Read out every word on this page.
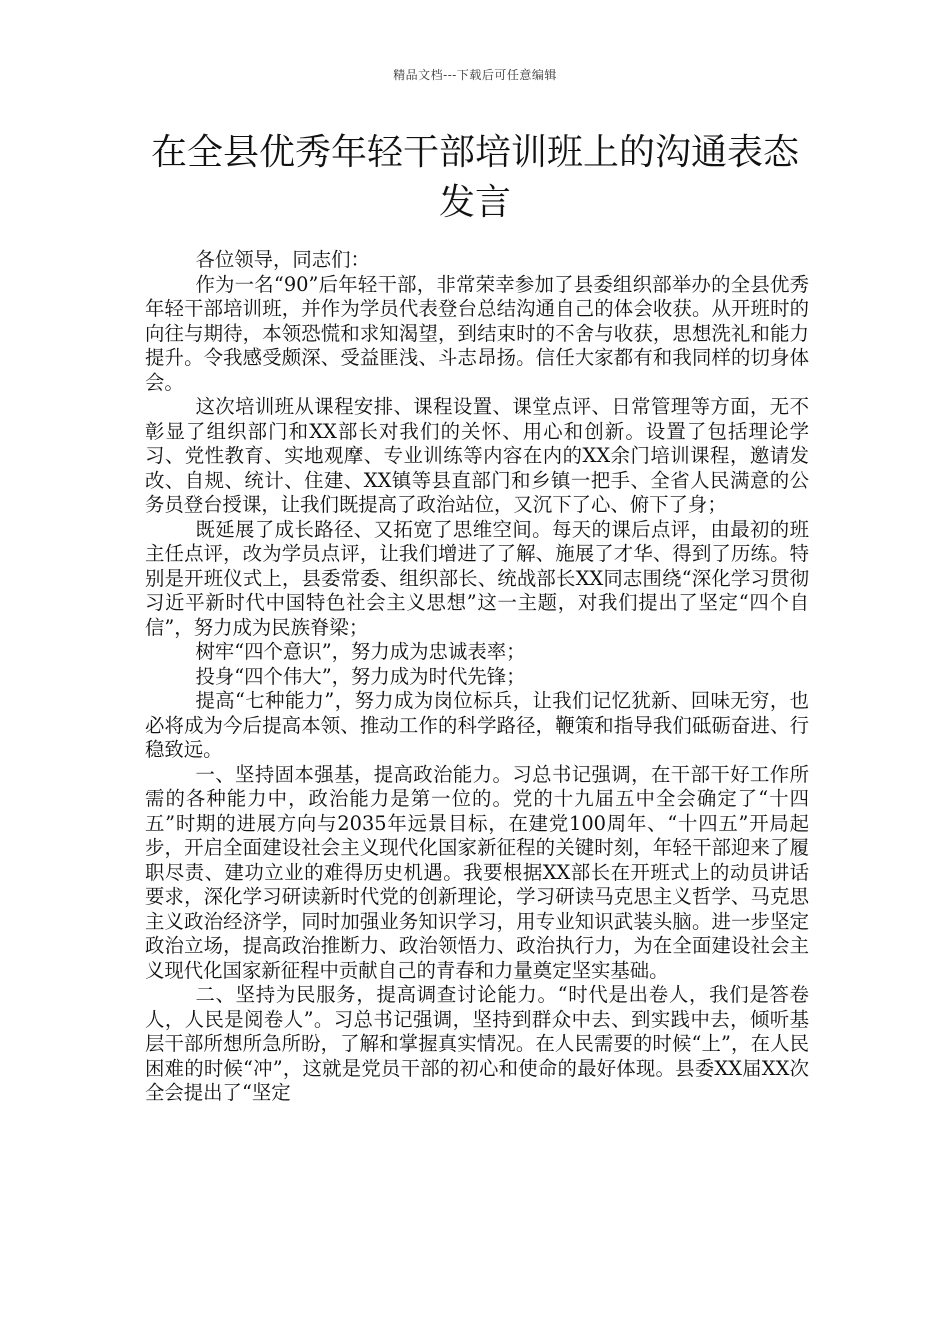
精品文档---下载后可任意编辑
在全县优秀年轻干部培训班上的沟通表态发言

各位领导，同志们：

作为一名“90”后年轻干部，非常荣幸参加了县委组织部举办的全县优秀年轻干部培训班，并作为学员代表登台总结沟通自己的体会收获。从开班时的向往与期待，本领恐慌和求知渴望，到结束时的不舍与收获，思想洗礼和能力提升。令我感受颇深、受益匪浅、斗志昂扬。信任大家都有和我同样的切身体会。

这次培训班从课程安排、课程设置、课堂点评、日常管理等方面，无不彰显了组织部门和XX部长对我们的关怀、用心和创新。设置了包括理论学习、党性教育、实地观摩、专业训练等内容在内的XX余门培训课程，邀请发改、自规、统计、住建、XX镇等县直部门和乡镇一把手、全省人民满意的公务员登台授课，让我们既提高了政治站位，又沉下了心、俯下了身；

既延展了成长路径、又拓宽了思维空间。每天的课后点评，由最初的班主任点评，改为学员点评，让我们增进了了解、施展了才华、得到了历练。特别是开班仪式上，县委常委、组织部长、统战部长XX同志围绕“深化学习贯彻习近平新时代中国特色社会主义思想”这一主题，对我们提出了坚定“四个自信”，努力成为民族脊梁；

树牢“四个意识”，努力成为忠诚表率；

投身“四个伟大”，努力成为时代先锋；

提高“七种能力”，努力成为岗位标兵，让我们记忆犹新、回味无穷，也必将成为今后提高本领、推动工作的科学路径，鞭策和指导我们砥砺奋进、行稳致远。

一、坚持固本强基，提高政治能力。习总书记强调，在干部干好工作所需的各种能力中，政治能力是第一位的。党的十九届五中全会确定了“十四五”时期的进展方向与2035年远景目标，在建党100周年、“十四五”开局起步，开启全面建设社会主义现代化国家新征程的关键时刻，年轻干部迎来了履职尽责、建功立业的难得历史机遇。我要根据XX部长在开班式上的动员讲话要求，深化学习研读新时代党的创新理论，学习研读马克思主义哲学、马克思主义政治经济学，同时加强业务知识学习，用专业知识武装头脑。进一步坚定政治立场，提高政治推断力、政治领悟力、政治执行力，为在全面建设社会主义现代化国家新征程中贡献自己的青春和力量奠定坚实基础。

二、坚持为民服务，提高调查讨论能力。“时代是出卷人，我们是答卷人，人民是阅卷人”。习总书记强调，坚持到群众中去、到实践中去，倾听基层干部所想所急所盼，了解和掌握真实情况。在人民需要的时候“上”，在人民困难的时候“冲”，这就是党员干部的初心和使命的最好体现。县委XX届XX次全会提出了“坚定
